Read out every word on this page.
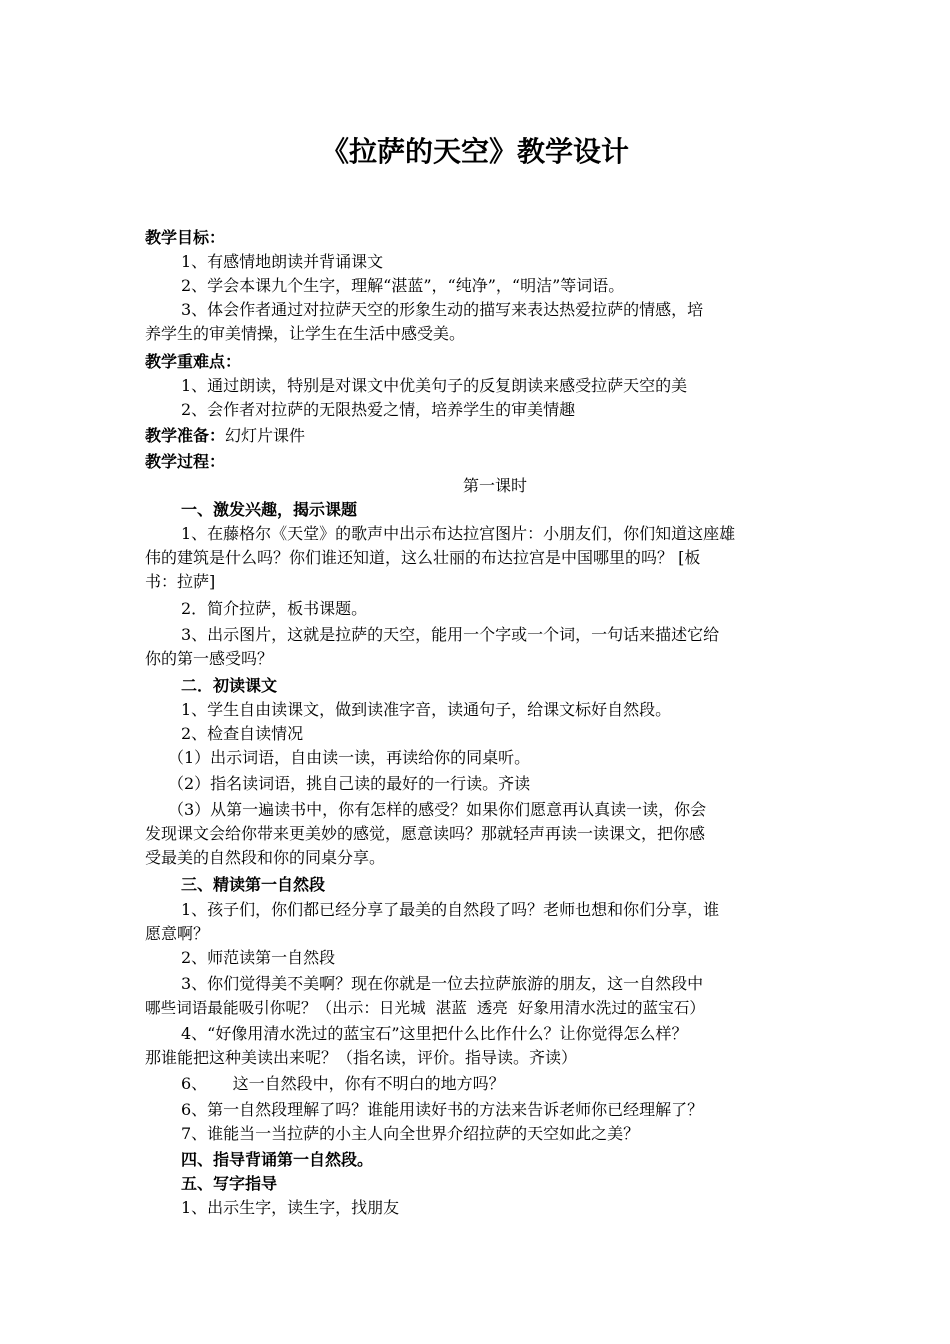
《拉萨的天空》教学设计
教学目标：
1、有感情地朗读并背诵课文
2、学会本课九个生字，理解“湛蓝”，“纯净”，“明洁”等词语。
3、体会作者通过对拉萨天空的形象生动的描写来表达热爱拉萨的情感，培
养学生的审美情操，让学生在生活中感受美。
教学重难点：
1、通过朗读，特别是对课文中优美句子的反复朗读来感受拉萨天空的美
2、会作者对拉萨的无限热爱之情，培养学生的审美情趣
教学准备：幻灯片课件
教学过程：
第一课时
一、激发兴趣，揭示课题
1、在藤格尔《天堂》的歌声中出示布达拉宫图片：小朋友们，你们知道这座雄
伟的建筑是什么吗？你们谁还知道，这么壮丽的布达拉宫是中国哪里的吗？ [板
书：拉萨]
2．简介拉萨，板书课题。
3、出示图片，这就是拉萨的天空，能用一个字或一个词，一句话来描述它给
你的第一感受吗？
二．初读课文
1、学生自由读课文，做到读准字音，读通句子，给课文标好自然段。
2、检查自读情况
（1）出示词语，自由读一读，再读给你的同桌听。
（2）指名读词语，挑自己读的最好的一行读。齐读
（3）从第一遍读书中，你有怎样的感受？如果你们愿意再认真读一读，你会
发现课文会给你带来更美妙的感觉，愿意读吗？那就轻声再读一读课文，把你感
受最美的自然段和你的同桌分享。
三、精读第一自然段
1、孩子们，你们都已经分享了最美的自然段了吗？老师也想和你们分享，谁
愿意啊？
2、师范读第一自然段
3、你们觉得美不美啊？现在你就是一位去拉萨旅游的朋友，这一自然段中
哪些词语最能吸引你呢？（出示：日光城  湛蓝  透亮  好象用清水洗过的蓝宝石）
4、“好像用清水洗过的蓝宝石”这里把什么比作什么？让你觉得怎么样？
那谁能把这种美读出来呢？（指名读，评价。指导读。齐读）
6、     这一自然段中，你有不明白的地方吗？
6、第一自然段理解了吗？谁能用读好书的方法来告诉老师你已经理解了？
7、谁能当一当拉萨的小主人向全世界介绍拉萨的天空如此之美？
四、指导背诵第一自然段。
五、写字指导
1、出示生字，读生字，找朋友
